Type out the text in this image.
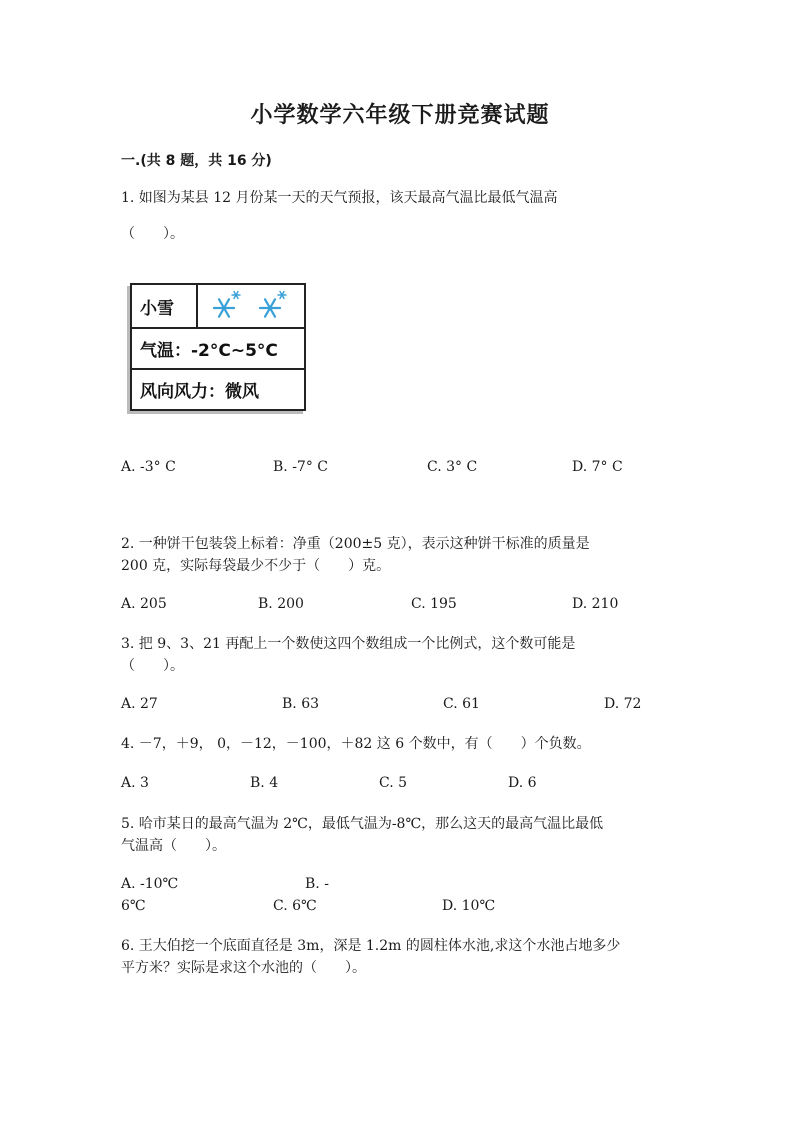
小学数学六年级下册竞赛试题
一.(共 8 题，共 16 分)
1. 如图为某县 12 月份某一天的天气预报，该天最高气温比最低气温高
（　　）。
小雪
气温：-2°C~5°C
风向风力：微风
A. -3° C	B. -7° C	C. 3° C	D. 7° C
2. 一种饼干包装袋上标着：净重（200±5 克），表示这种饼干标准的质量是
200 克，实际每袋最少不少于（　　）克。
A. 205	B. 200	C. 195	D. 210
3. 把 9、3、21 再配上一个数使这四个数组成一个比例式，这个数可能是
（　　）。
A. 27	B. 63	C. 61	D. 72
4. －7，＋9， 0，－12，－100，＋82 这 6 个数中，有（　　）个负数。
A. 3	B. 4	C. 5	D. 6
5. 哈市某日的最高气温为 2℃，最低气温为-8℃，那么这天的最高气温比最低
气温高（　　）。
A. -10℃	B. -
6℃	C. 6℃	D. 10℃
6. 王大伯挖一个底面直径是 3m，深是 1.2m 的圆柱体水池,求这个水池占地多少
平方米？实际是求这个水池的（　　）。
